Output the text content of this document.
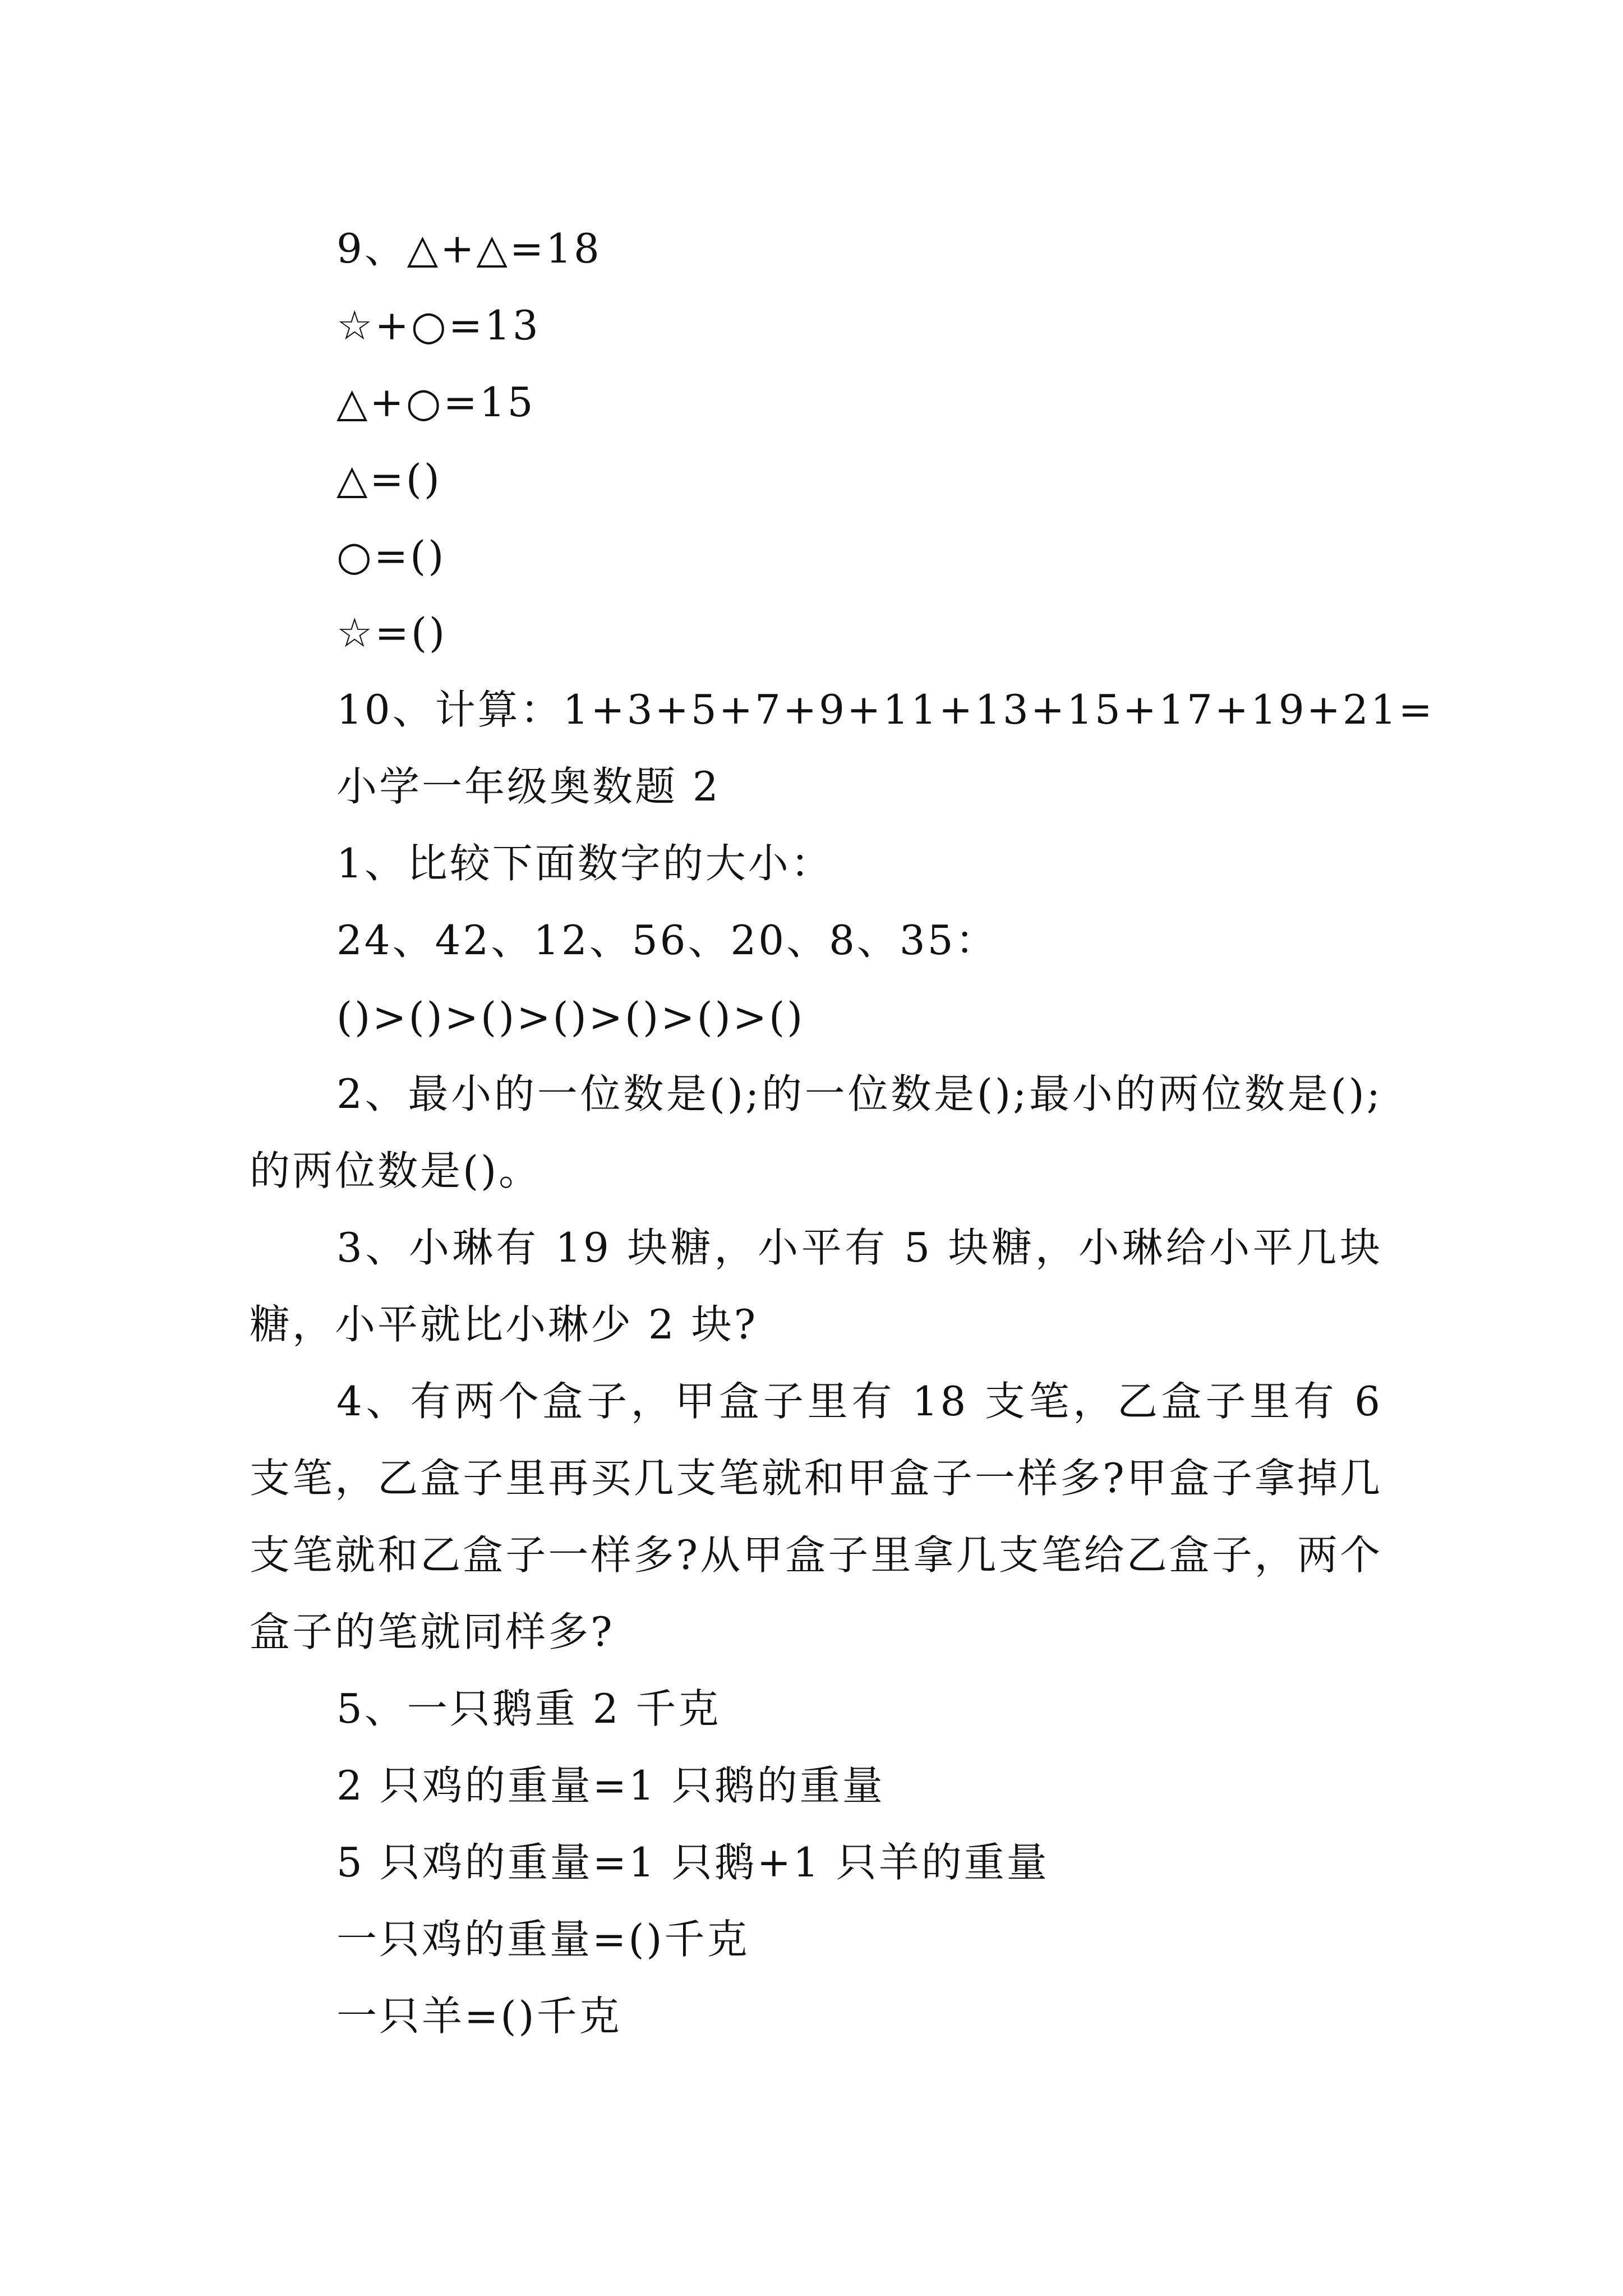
9、△+△=18
☆+○=13
△+○=15
△=()
○=()
☆=()
10、计算：1+3+5+7+9+11+13+15+17+19+21=
小学一年级奥数题 2
1、比较下面数字的大小：
24、42、12、56、20、8、35：
()>()>()>()>()>()>()

2、最小的一位数是();的一位数是();最小的两位数是();的两位数是()。

3、小琳有 19 块糖，小平有 5 块糖，小琳给小平几块糖，小平就比小琳少 2 块?

4、有两个盒子，甲盒子里有 18 支笔，乙盒子里有 6 支笔，乙盒子里再买几支笔就和甲盒子一样多?甲盒子拿掉几支笔就和乙盒子一样多?从甲盒子里拿几支笔给乙盒子，两个盒子的笔就同样多?

5、一只鹅重 2 千克
2 只鸡的重量=1 只鹅的重量
5 只鸡的重量=1 只鹅+1 只羊的重量
一只鸡的重量=()千克
一只羊=()千克
